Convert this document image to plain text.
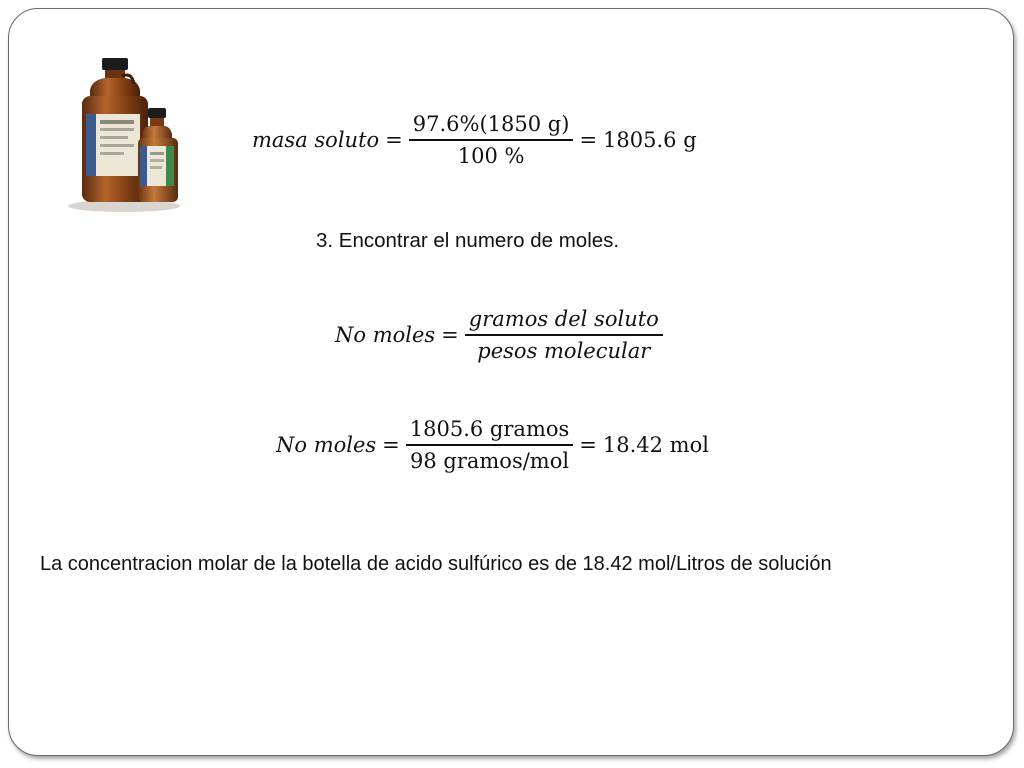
masa soluto = $\frac{97.6\%(1850 g)}{100 \%} = 1805.6$ g
3. Encontrar el numero de moles.
No moles = $\frac{\text{gramos del soluto}}{\text{pesos molecular}}$
No moles = $\frac{\text{1805.6 gramos}}{\text{98 gramos/mol}} = 18.42$ mol
La concentracion molar de la botella de acido sulfúrico es de 18.42 mol/Litros de solución
